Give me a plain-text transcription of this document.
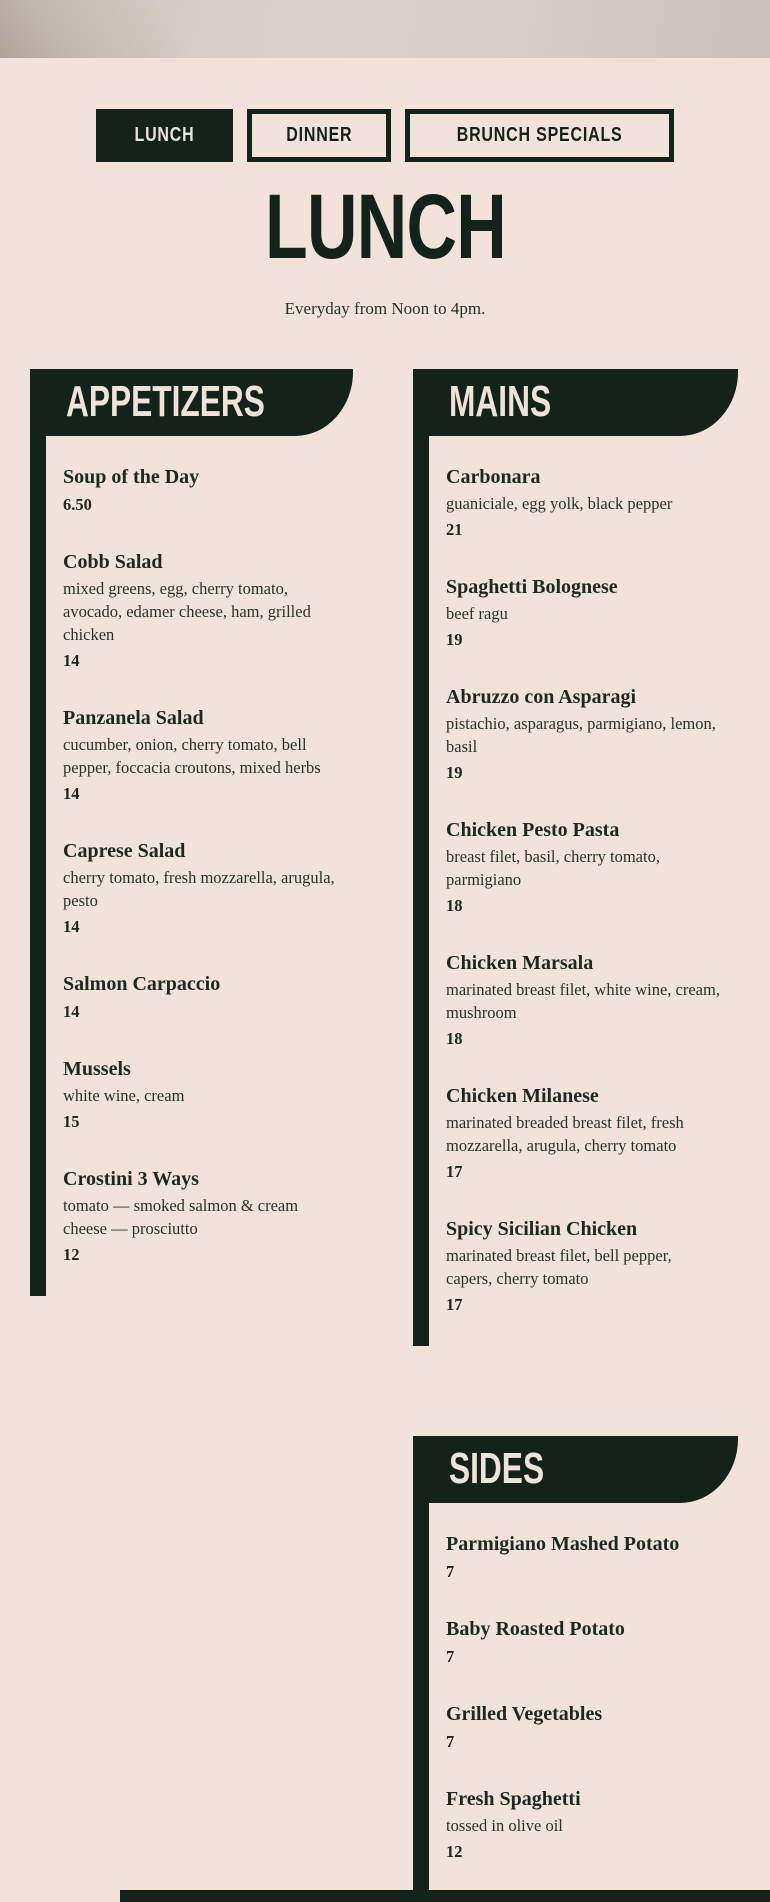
LUNCH	DINNER	BRUNCH SPECIALS
LUNCH
Everyday from Noon to 4pm.
APPETIZERS
Soup of the Day
6.50
Cobb Salad
mixed greens, egg, cherry tomato, avocado, edamer cheese, ham, grilled chicken
14
Panzanela Salad
cucumber, onion, cherry tomato, bell pepper, foccacia croutons, mixed herbs
14
Caprese Salad
cherry tomato, fresh mozzarella, arugula, pesto
14
Salmon Carpaccio
14
Mussels
white wine, cream
15
Crostini 3 Ways
tomato — smoked salmon & cream cheese — prosciutto
12
MAINS
Carbonara
guaniciale, egg yolk, black pepper
21
Spaghetti Bolognese
beef ragu
19
Abruzzo con Asparagi
pistachio, asparagus, parmigiano, lemon, basil
19
Chicken Pesto Pasta
breast filet, basil, cherry tomato, parmigiano
18
Chicken Marsala
marinated breast filet, white wine, cream, mushroom
18
Chicken Milanese
marinated breaded breast filet, fresh mozzarella, arugula, cherry tomato
17
Spicy Sicilian Chicken
marinated breast filet, bell pepper, capers, cherry tomato
17
SIDES
Parmigiano Mashed Potato
7
Baby Roasted Potato
7
Grilled Vegetables
7
Fresh Spaghetti
tossed in olive oil
12
